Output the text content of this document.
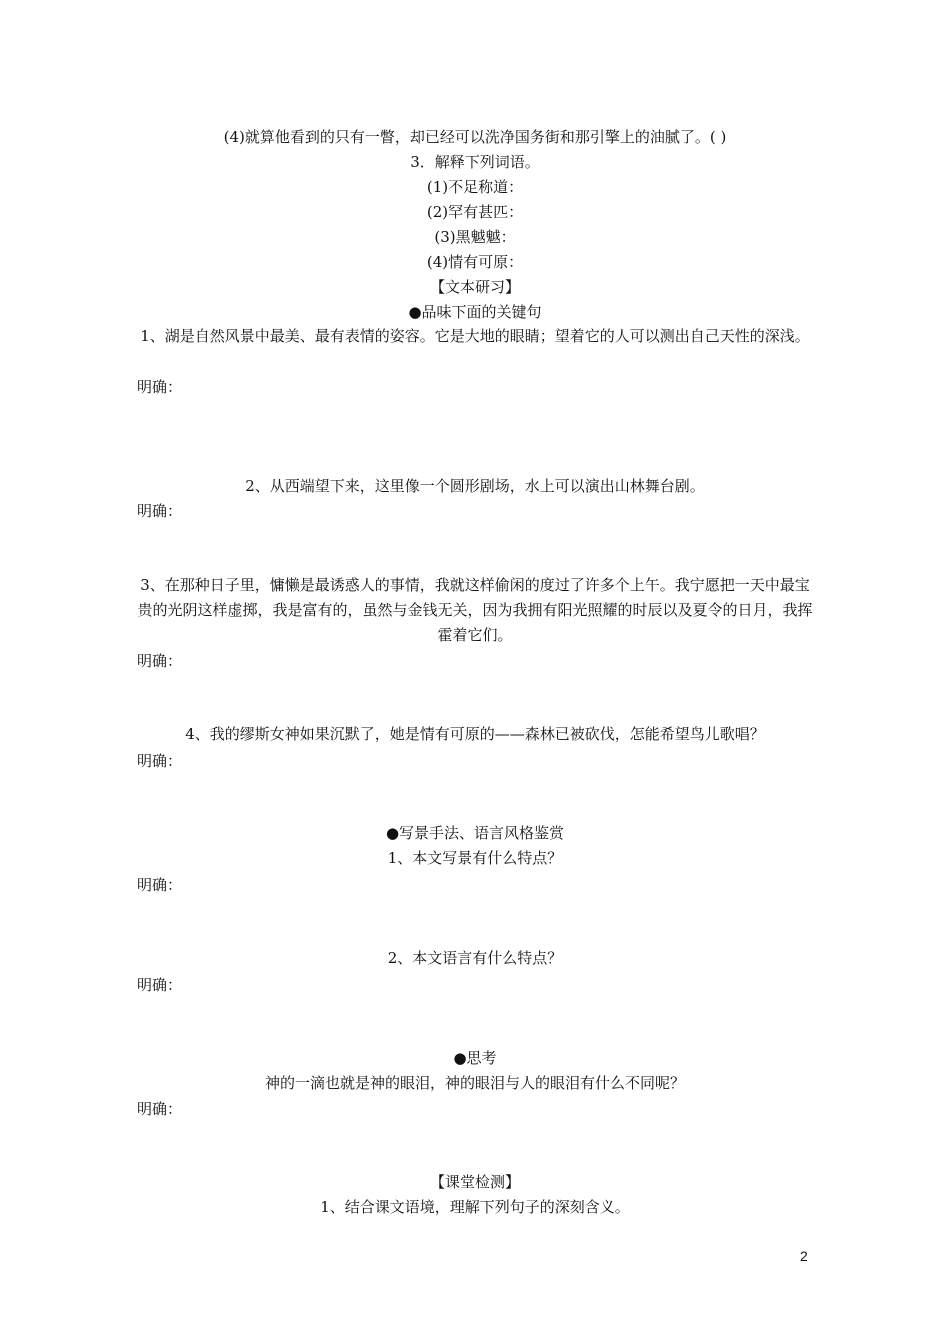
(4)就算他看到的只有一瞥，却已经可以洗净国务街和那引擎上的油腻了。( )
3．解释下列词语。
(1)不足称道：
(2)罕有甚匹：
(3)黑魆魆：
(4)情有可原：
【文本研习】
●品味下面的关键句
1、湖是自然风景中最美、最有表情的姿容。它是大地的眼睛；望着它的人可以测出自己天性的深浅。
明确：
2、从西端望下来，这里像一个圆形剧场，水上可以演出山林舞台剧。
明确：
3、在那种日子里，慵懒是最诱惑人的事情，我就这样偷闲的度过了许多个上午。我宁愿把一天中最宝贵的光阴这样虚掷，我是富有的，虽然与金钱无关，因为我拥有阳光照耀的时辰以及夏令的日月，我挥霍着它们。
明确：
4、我的缪斯女神如果沉默了，她是情有可原的——森林已被砍伐，怎能希望鸟儿歌唱？
明确：
●写景手法、语言风格鉴赏
1、本文写景有什么特点？
明确：
2、本文语言有什么特点？
明确：
●思考
神的一滴也就是神的眼泪，神的眼泪与人的眼泪有什么不同呢？
明确：
【课堂检测】
1、结合课文语境，理解下列句子的深刻含义。
2
